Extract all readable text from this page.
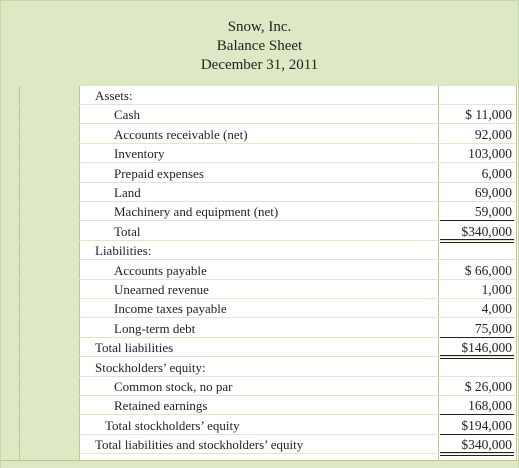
Snow, Inc.
Balance Sheet
December 31, 2011
Assets:
Cash	$ 11,000
Accounts receivable (net)	92,000
Inventory	103,000
Prepaid expenses	6,000
Land	69,000
Machinery and equipment (net)	59,000
Total	$340,000
Liabilities:
Accounts payable	$ 66,000
Unearned revenue	1,000
Income taxes payable	4,000
Long-term debt	75,000
Total liabilities	$146,000
Stockholders’ equity:
Common stock, no par	$ 26,000
Retained earnings	168,000
Total stockholders’ equity	$194,000
Total liabilities and stockholders’ equity	$340,000
